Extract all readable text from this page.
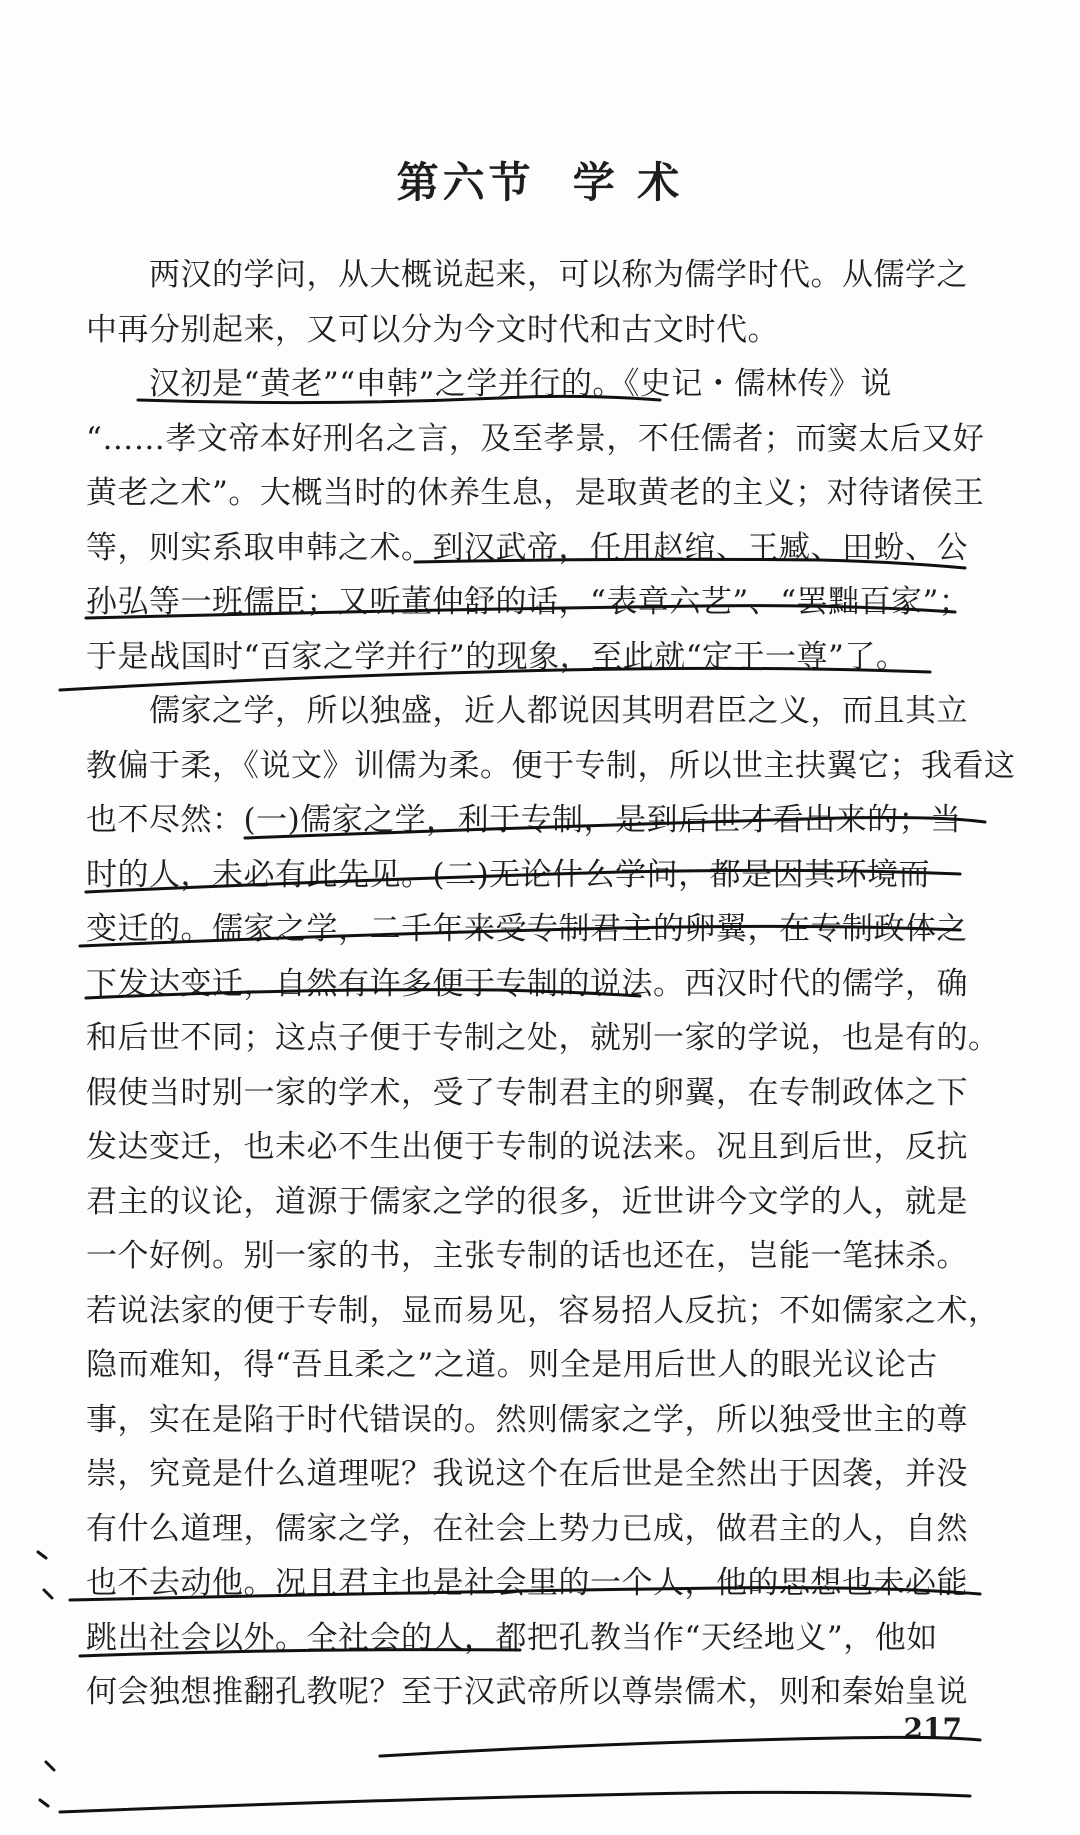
第六节 学 术
　　两汉的学问，从大概说起来，可以称为儒学时代。从儒学之
中再分别起来，又可以分为今文时代和古文时代。
　　汉初是“黄老”“申韩”之学并行的。《史记・儒林传》说
“……孝文帝本好刑名之言，及至孝景，不任儒者；而窦太后又好
黄老之术”。大概当时的休养生息，是取黄老的主义；对待诸侯王
等，则实系取申韩之术。到汉武帝，任用赵绾、王臧、田蚡、公
孙弘等一班儒臣；又听董仲舒的话，“表章六艺”、“罢黜百家”；
于是战国时“百家之学并行”的现象，至此就“定于一尊”了。
　　儒家之学，所以独盛，近人都说因其明君臣之义，而且其立
教偏于柔，《说文》训儒为柔。便于专制，所以世主扶翼它；我看这
也不尽然：(一)儒家之学，利于专制，是到后世才看出来的；当
时的人，未必有此先见。(二)无论什么学问，都是因其环境而
变迁的。儒家之学，二千年来受专制君主的卵翼，在专制政体之
下发达变迁，自然有许多便于专制的说法。西汉时代的儒学，确
和后世不同；这点子便于专制之处，就别一家的学说，也是有的。
假使当时别一家的学术，受了专制君主的卵翼，在专制政体之下
发达变迁，也未必不生出便于专制的说法来。况且到后世，反抗
君主的议论，道源于儒家之学的很多，近世讲今文学的人，就是
一个好例。别一家的书，主张专制的话也还在，岂能一笔抹杀。
若说法家的便于专制，显而易见，容易招人反抗；不如儒家之术，
隐而难知，得“吾且柔之”之道。则全是用后世人的眼光议论古
事，实在是陷于时代错误的。然则儒家之学，所以独受世主的尊
崇，究竟是什么道理呢？我说这个在后世是全然出于因袭，并没
有什么道理，儒家之学，在社会上势力已成，做君主的人，自然
也不去动他。况且君主也是社会里的一个人，他的思想也未必能
跳出社会以外。全社会的人，都把孔教当作“天经地义”，他如
何会独想推翻孔教呢？至于汉武帝所以尊崇儒术，则和秦始皇说
217
